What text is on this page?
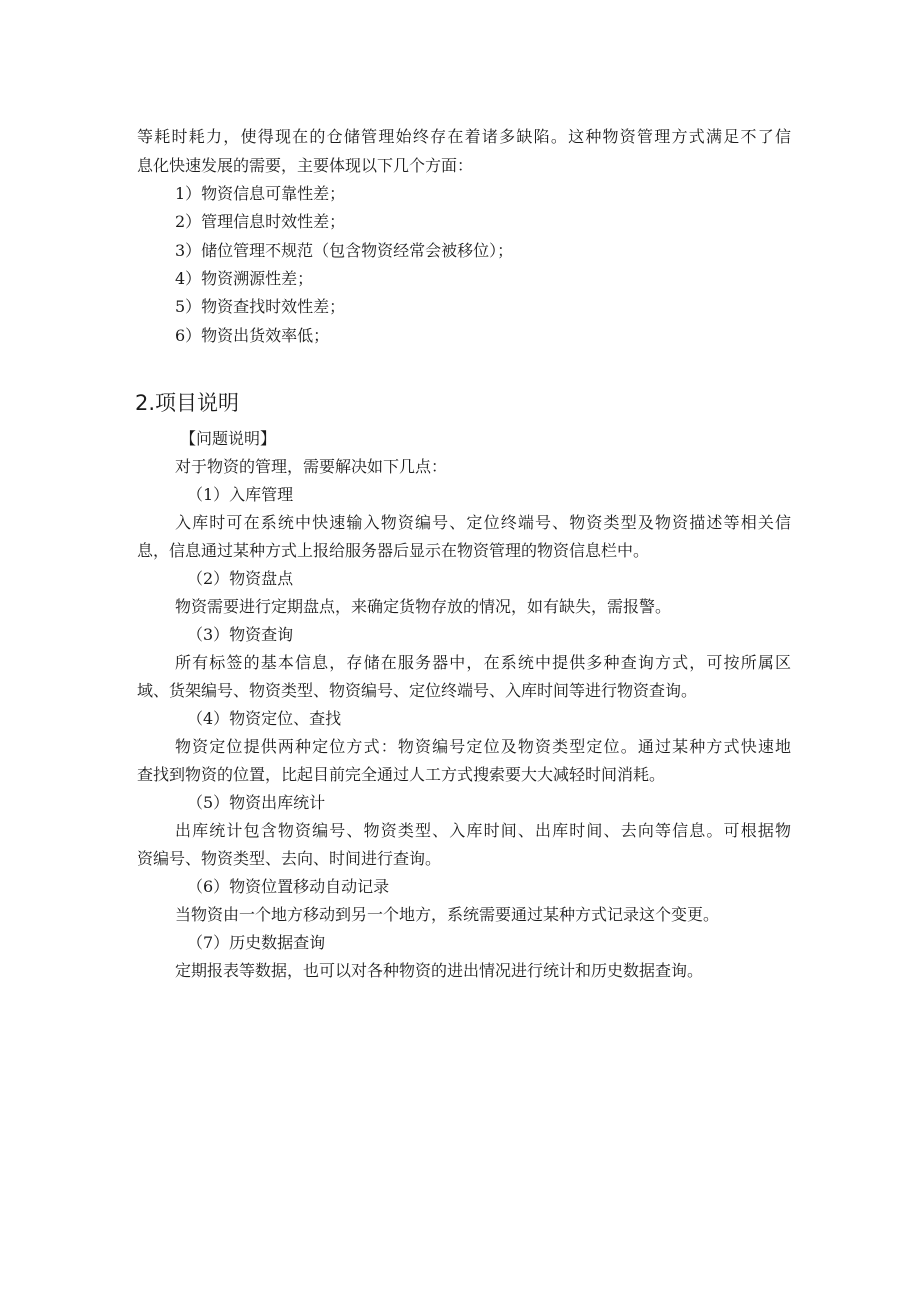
等耗时耗力，使得现在的仓储管理始终存在着诸多缺陷。这种物资管理方式满足不了信
息化快速发展的需要，主要体现以下几个方面：
1）物资信息可靠性差；
2）管理信息时效性差；
3）储位管理不规范（包含物资经常会被移位）；
4）物资溯源性差；
5）物资查找时效性差；
6）物资出货效率低；
2.项目说明
【问题说明】
对于物资的管理，需要解决如下几点：
（1）入库管理
入库时可在系统中快速输入物资编号、定位终端号、物资类型及物资描述等相关信
息，信息通过某种方式上报给服务器后显示在物资管理的物资信息栏中。
（2）物资盘点
物资需要进行定期盘点，来确定货物存放的情况，如有缺失，需报警。
（3）物资查询
所有标签的基本信息，存储在服务器中，在系统中提供多种查询方式，可按所属区
域、货架编号、物资类型、物资编号、定位终端号、入库时间等进行物资查询。
（4）物资定位、查找
物资定位提供两种定位方式：物资编号定位及物资类型定位。通过某种方式快速地
查找到物资的位置，比起目前完全通过人工方式搜索要大大减轻时间消耗。
（5）物资出库统计
出库统计包含物资编号、物资类型、入库时间、出库时间、去向等信息。可根据物
资编号、物资类型、去向、时间进行查询。
（6）物资位置移动自动记录
当物资由一个地方移动到另一个地方，系统需要通过某种方式记录这个变更。
（7）历史数据查询
定期报表等数据，也可以对各种物资的进出情况进行统计和历史数据查询。
